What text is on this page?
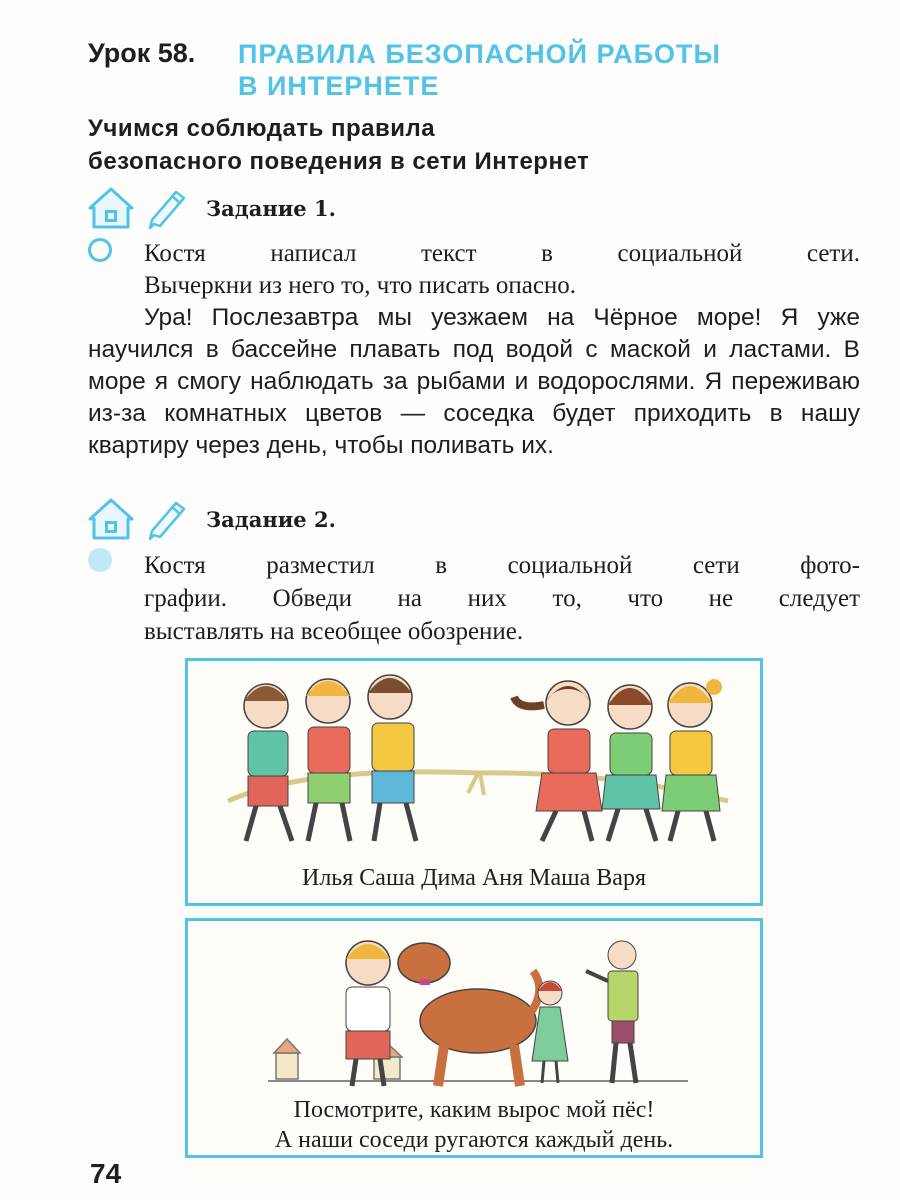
Урок 58. ПРАВИЛА БЕЗОПАСНОЙ РАБОТЫ
В ИНТЕРНЕТЕ
Учимся соблюдать правила
безопасного поведения в сети Интернет
Задание 1.
Костя написал текст в социальной сети.
Вычеркни из него то, что писать опасно.

Ура! Послезавтра мы уезжаем на Чёрное море! Я уже научился в бассейне плавать под водой с маской и ластами. В море я смогу наблюдать за рыбами и водорослями. Я переживаю из-за комнатных цветов — соседка будет приходить в нашу квартиру через день, чтобы поливать их.

Задание 2.
Костя разместил в социальной сети фото-
графии. Обведи на них то, что не следует
выставлять на всеобщее обозрение.
Илья Саша Дима Аня Маша Варя
Посмотрите, каким вырос мой пёс!
А наши соседи ругаются каждый день.
74
